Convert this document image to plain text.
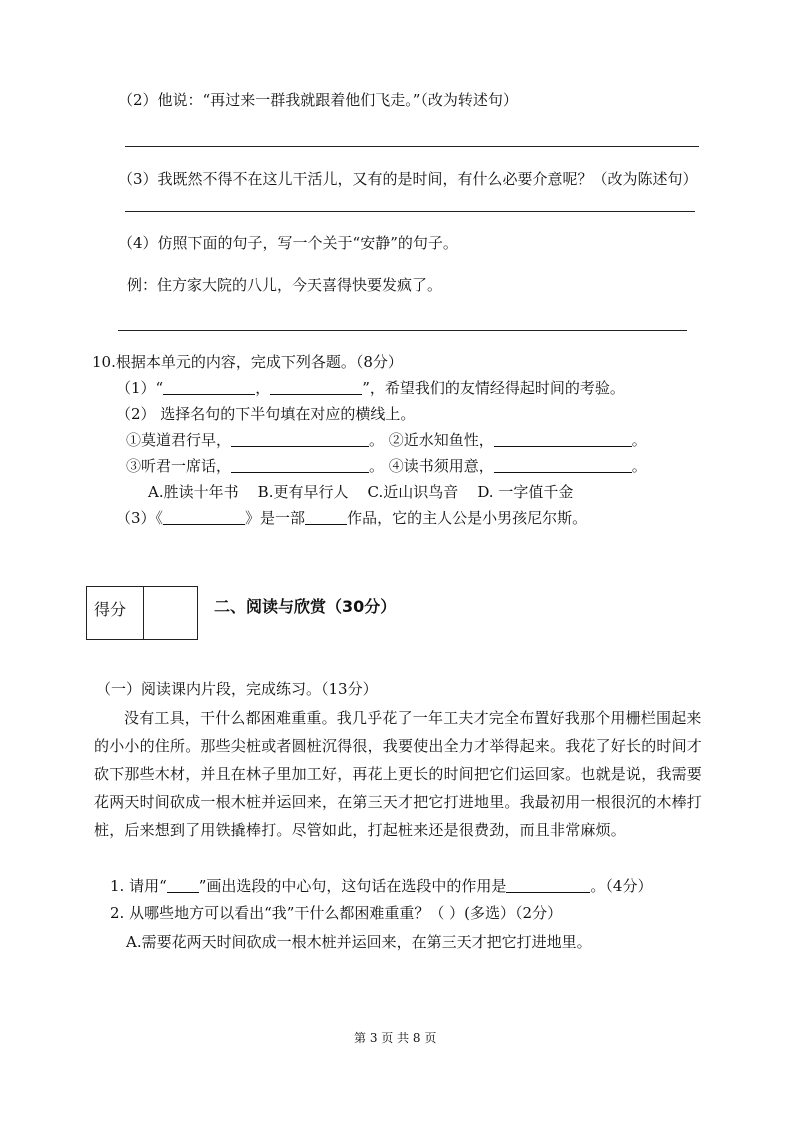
（2）他说：“再过来一群我就跟着他们飞走。”（改为转述句）
（3）我既然不得不在这儿干活儿，又有的是时间，有什么必要介意呢？（改为陈述句）
（4）仿照下面的句子，写一个关于“安静”的句子。
例：住方家大院的八儿，今天喜得快要发疯了。
10.根据本单元的内容，完成下列各题。（8分）
（1）“	，	”，希望我们的友情经得起时间的考验。
（2） 选择名句的下半句填在对应的横线上。
①莫道君行早，	。 ②近水知鱼性，	。
③听君一席话，	。 ④读书须用意，	。
A.胜读十年书    B.更有早行人    C.近山识鸟音    D. 一字值千金
（3）《	》是一部	作品，它的主人公是小男孩尼尔斯。
得分	二、阅读与欣赏（30分）
（一）阅读课内片段，完成练习。（13分）
没有工具，干什么都困难重重。我几乎花了一年工夫才完全布置好我那个用栅栏围起来的小小的住所。那些尖桩或者圆桩沉得很，我要使出全力才举得起来。我花了好长的时间才砍下那些木材，并且在林子里加工好，再花上更长的时间把它们运回家。也就是说，我需要花两天时间砍成一根木桩并运回来，在第三天才把它打进地里。我最初用一根很沉的木棒打桩，后来想到了用铁撬棒打。尽管如此，打起桩来还是很费劲，而且非常麻烦。
1. 请用“ ”画出选段的中心句，这句话在选段中的作用是	。（4分）
2. 从哪些地方可以看出“我”干什么都困难重重？（ ）(多选）（2分）
A.需要花两天时间砍成一根木桩并运回来，在第三天才把它打进地里。
第 3 页 共 8 页
